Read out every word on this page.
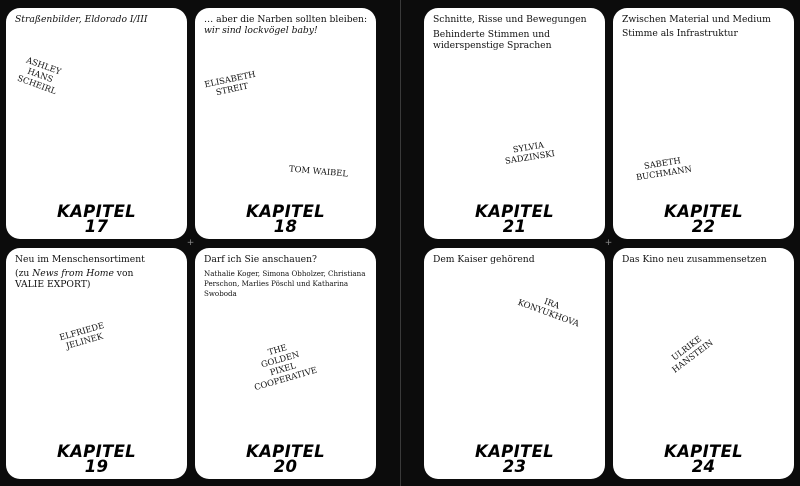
Straßenbilder, Eldorado I/III
ASHLEY
HANS
SCHEIRL
KAPITEL
17
… aber die Narben sollten bleiben:
wir sind lockvögel baby!
ELISABETH
STREIT
TOM WAIBEL
KAPITEL
18
Neu im Menschensortiment
(zu News from Home von
VALIE EXPORT)
ELFRIEDE
JELINEK
KAPITEL
19
Darf ich Sie anschauen?
Nathalie Koger, Simona Obholzer, Christiana Perschon, Marlies Pöschl und Katharina Swoboda
THE
GOLDEN
PIXEL
COOPERATIVE
KAPITEL
20
+
Schnitte, Risse und Bewegungen
Behinderte Stimmen und widerspenstige Sprachen
SYLVIA
SADZINSKI
KAPITEL
21
Zwischen Material und Medium
Stimme als Infrastruktur
SABETH
BUCHMANN
KAPITEL
22
Dem Kaiser gehörend
IRA
KONYUKHOVA
KAPITEL
23
Das Kino neu zusammensetzen
ULRIKE
HANSTEIN
KAPITEL
24
+
